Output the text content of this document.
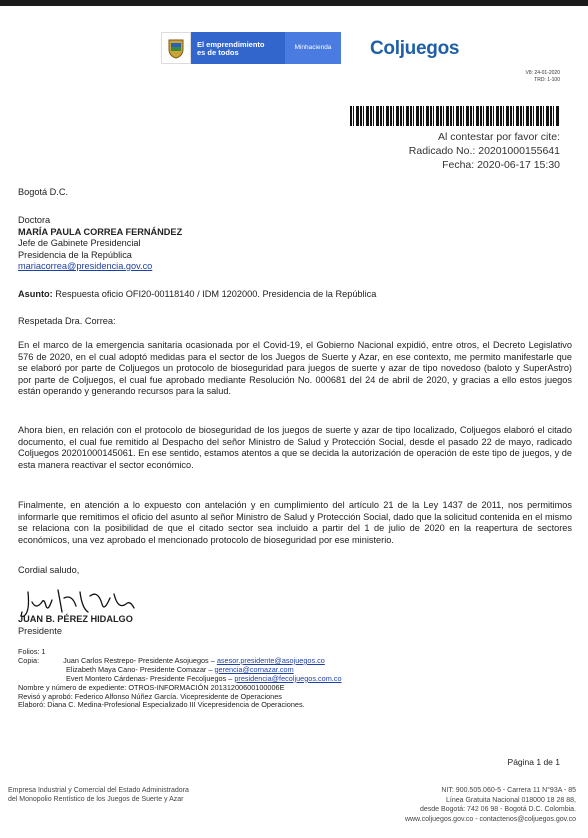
El emprendimiento
es de todos
Minhacienda	Coljuegos
V8: 24-01-2020
TRD: 1-100
Al contestar por favor cite:
Radicado No.: 20201000155641
Fecha: 2020-06-17 15:30
Bogotá D.C.
Doctora
MARÍA PAULA CORREA FERNÁNDEZ
Jefe de Gabinete Presidencial
Presidencia de la República
mariacorrea@presidencia.gov.co
Asunto: Respuesta oficio OFI20-00118140 / IDM 1202000. Presidencia de la República
Respetada Dra. Correa:
En el marco de la emergencia sanitaria ocasionada por el Covid-19, el Gobierno Nacional expidió, entre otros, el Decreto Legislativo 576 de 2020, en el cual adoptó medidas para el sector de los Juegos de Suerte y Azar, en ese contexto, me permito manifestarle que se elaboró por parte de Coljuegos un protocolo de bioseguridad para juegos de suerte y azar de tipo novedoso (baloto y SuperAstro) por parte de Coljuegos, el cual fue aprobado mediante Resolución No. 000681 del 24 de abril de 2020, y gracias a ello estos juegos están operando y generando recursos para la salud.
Ahora bien, en relación con el protocolo de bioseguridad de los juegos de suerte y azar de tipo localizado, Coljuegos elaboró el citado documento, el cual fue remitido al Despacho del señor Ministro de Salud y Protección Social, desde el pasado 22 de mayo, radicado Coljuegos 20201000145061. En ese sentido, estamos atentos a que se decida la autorización de operación de este tipo de juegos, y de esta manera reactivar el sector económico.
Finalmente, en atención a lo expuesto con antelación y en cumplimiento del artículo 21 de la Ley 1437 de 2011, nos permitimos informarle que remitimos el oficio del asunto al señor Ministro de Salud y Protección Social, dado que la solicitud contenida en el mismo se relaciona con la posibilidad de que el citado sector sea incluido a partir del 1 de julio de 2020 en la reapertura de sectores económicos, una vez aprobado el mencionado protocolo de bioseguridad por ese ministerio.
Cordial saludo,
JUAN B. PÉREZ HIDALGO
Presidente
Folios: 1
Copia:	Juan Carlos Restrepo- Presidente Asojuegos – asesor.presidente@asojuegos.co
Elizabeth Maya Cano- Presidente Comazar – gerencia@cornazar.com
Evert Montero Cárdenas- Presidente Fecoljuegos – presidencia@fecoljuegos.com.co
Nombre y número de expediente: OTROS-INFORMACIÓN 20131200600100006E
Revisó y aprobó: Federico Alfonso Núñez García. Vicepresidente de Operaciones
Elaboró: Diana C. Medina-Profesional Especializado III Vicepresidencia de Operaciones.
Página 1 de 1
Empresa Industrial y Comercial del Estado Administradora
del Monopolio Rentístico de los Juegos de Suerte y Azar
NIT: 900.505.060-5 - Carrera 11 N°93A - 85
Línea Gratuita Nacional 018000 18 28 88,
desde Bogotá: 742 06 98 - Bogotá D.C. Colombia.
www.coljuegos.gov.co - contactenos@coljuegos.gov.co
